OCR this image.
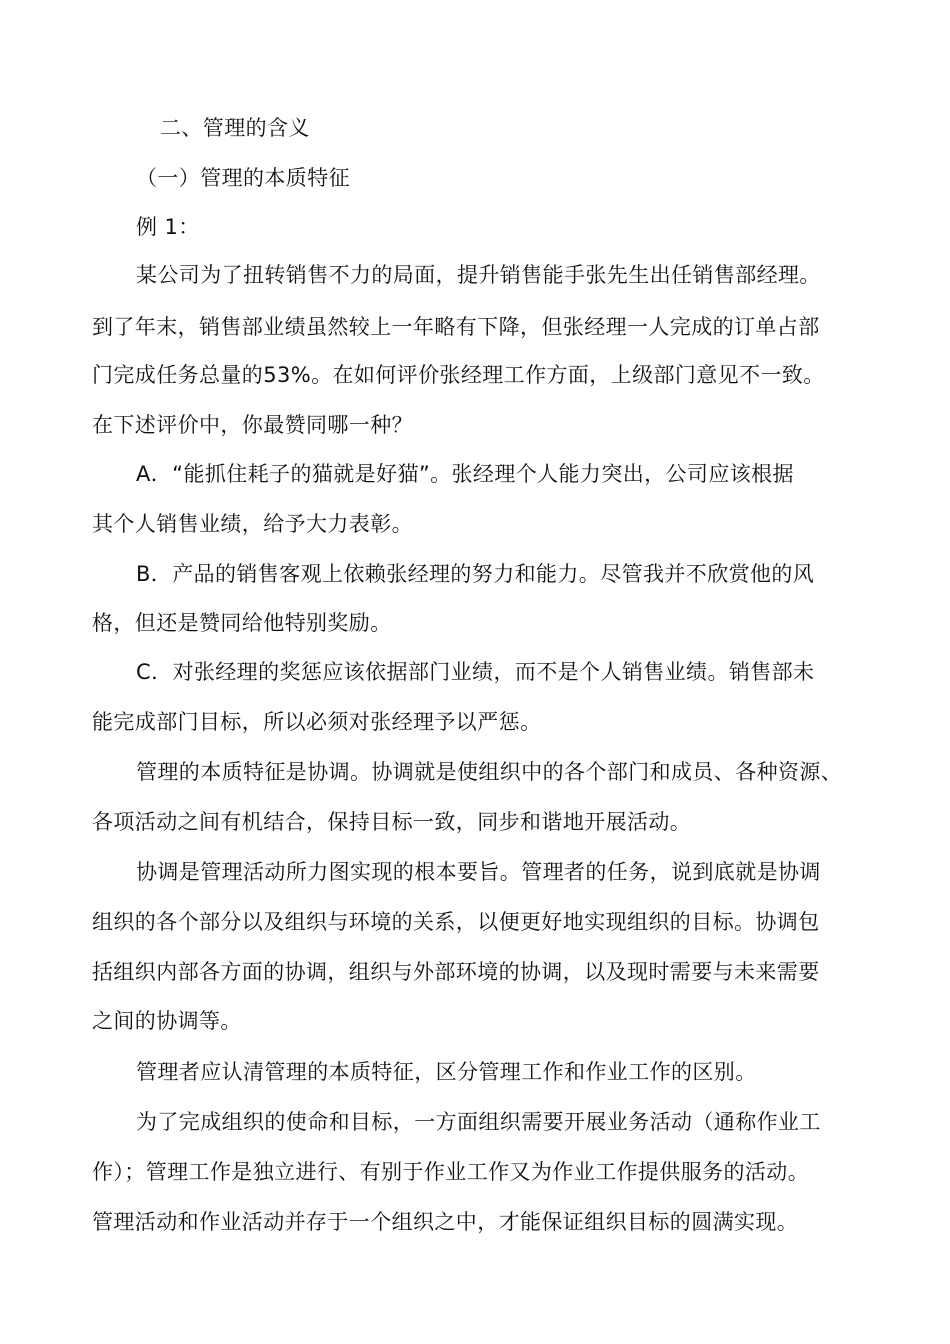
二、管理的含义
（一）管理的本质特征
例 1：
某公司为了扭转销售不力的局面，提升销售能手张先生出任销售部经理。
到了年末，销售部业绩虽然较上一年略有下降，但张经理一人完成的订单占部
门完成任务总量的53%。在如何评价张经理工作方面，上级部门意见不一致。
在下述评价中，你最赞同哪一种？
A．“能抓住耗子的猫就是好猫”。张经理个人能力突出，公司应该根据
其个人销售业绩，给予大力表彰。
B．产品的销售客观上依赖张经理的努力和能力。尽管我并不欣赏他的风
格，但还是赞同给他特别奖励。
C．对张经理的奖惩应该依据部门业绩，而不是个人销售业绩。销售部未
能完成部门目标，所以必须对张经理予以严惩。
管理的本质特征是协调。协调就是使组织中的各个部门和成员、各种资源、
各项活动之间有机结合，保持目标一致，同步和谐地开展活动。
协调是管理活动所力图实现的根本要旨。管理者的任务，说到底就是协调
组织的各个部分以及组织与环境的关系，以便更好地实现组织的目标。协调包
括组织内部各方面的协调，组织与外部环境的协调，以及现时需要与未来需要
之间的协调等。
管理者应认清管理的本质特征，区分管理工作和作业工作的区别。
为了完成组织的使命和目标，一方面组织需要开展业务活动（通称作业工
作）；管理工作是独立进行、有别于作业工作又为作业工作提供服务的活动。
管理活动和作业活动并存于一个组织之中，才能保证组织目标的圆满实现。
